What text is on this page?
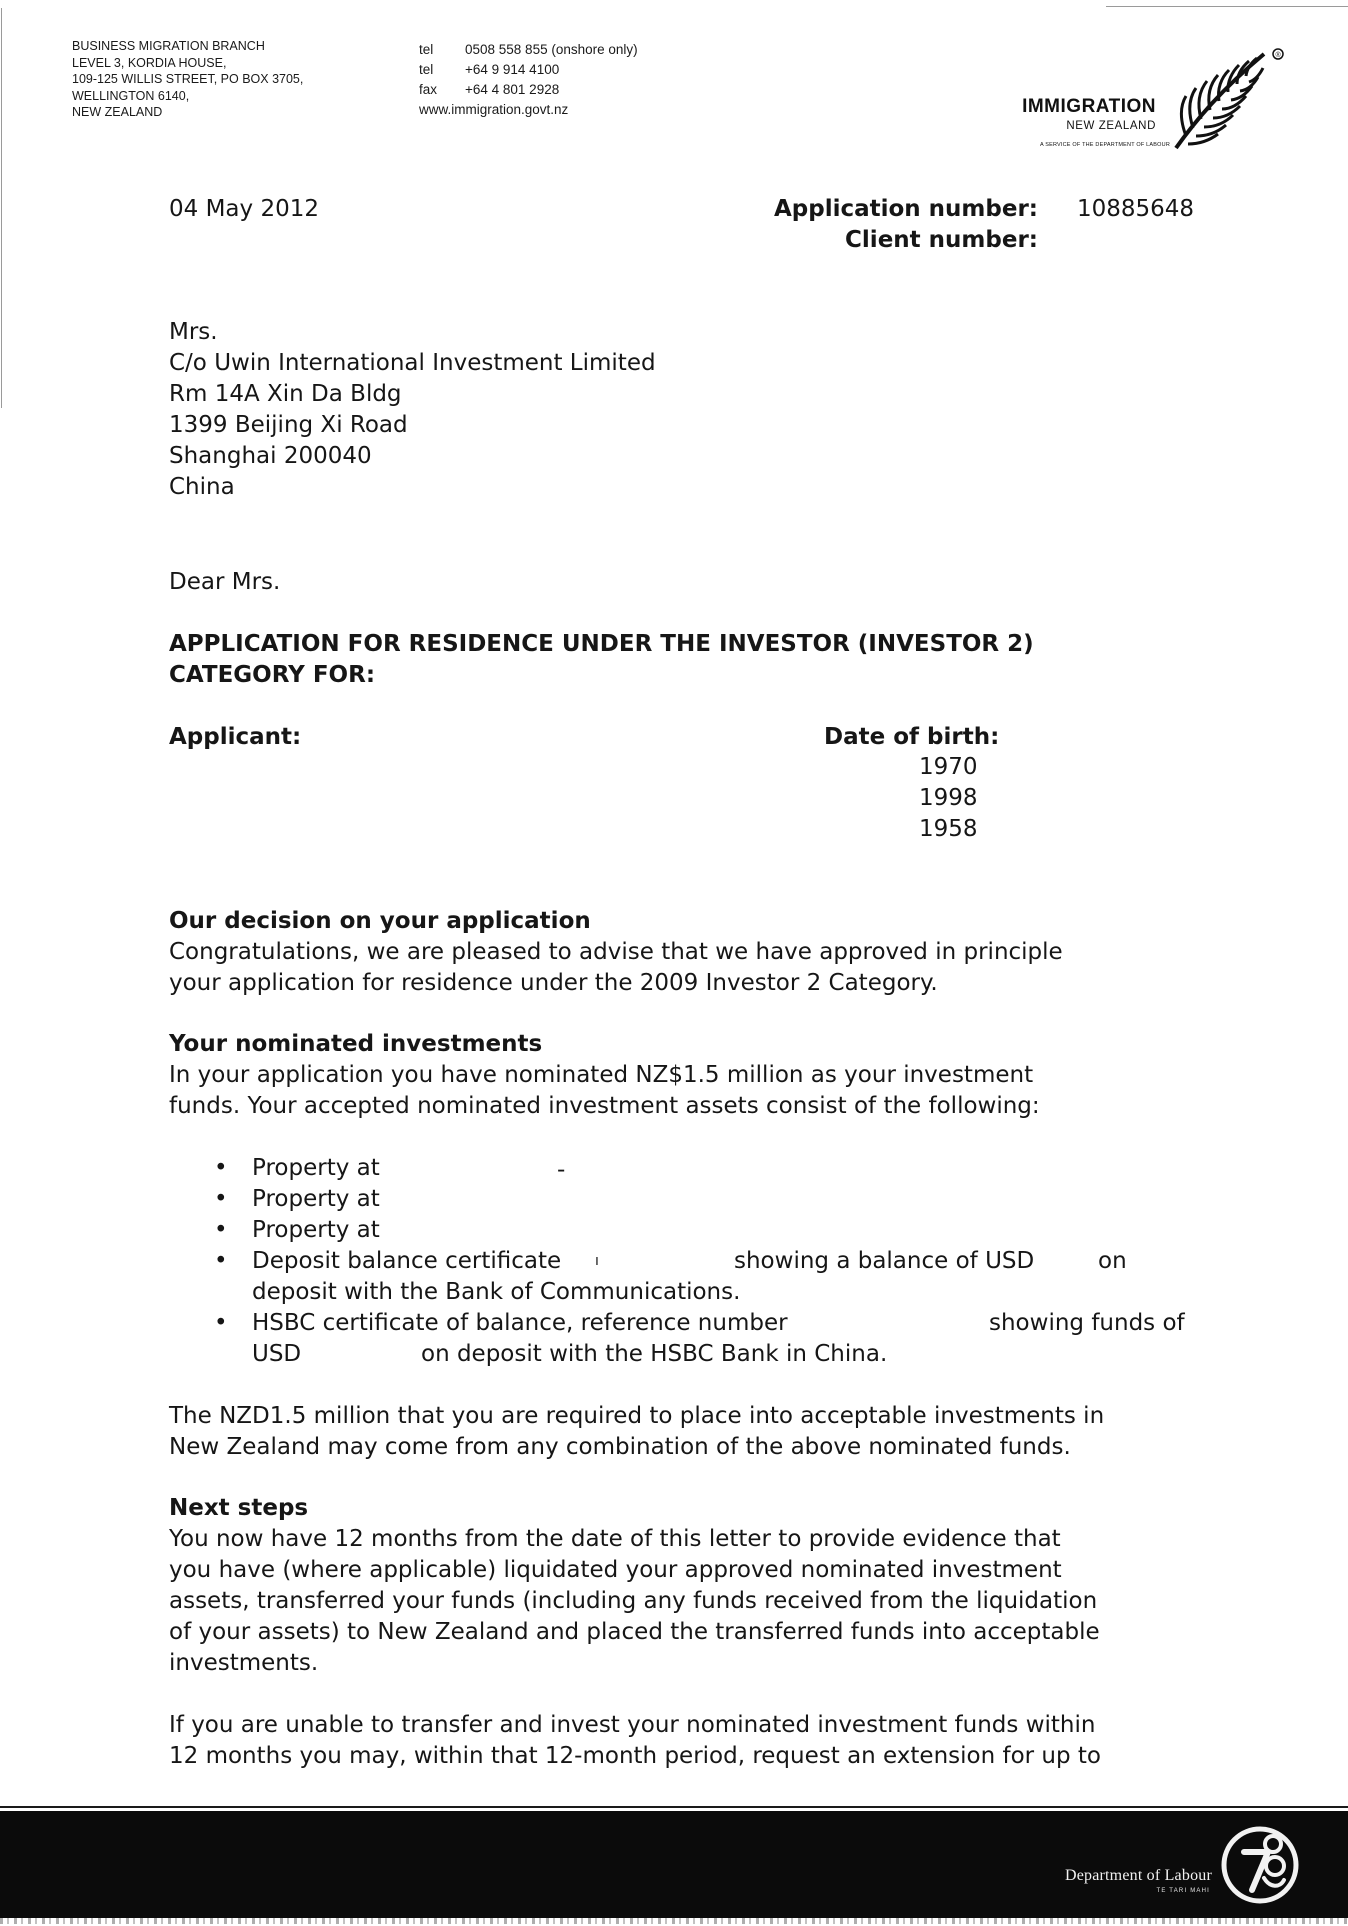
BUSINESS MIGRATION BRANCH
LEVEL 3, KORDIA HOUSE,
109-125 WILLIS STREET, PO BOX 3705,
WELLINGTON 6140,
NEW ZEALAND
tel	0508 558 855 (onshore only)
tel	+64 9 914 4100
fax	+64 4 801 2928
www.immigration.govt.nz	IMMIGRATION
NEW ZEALAND
A SERVICE OF THE DEPARTMENT OF LABOUR
®
04 May 2012	Application number: 10885648
Client number:
Mrs.
C/o Uwin International Investment Limited
Rm 14A Xin Da Bldg
1399 Beijing Xi Road
Shanghai 200040
China
Dear Mrs.
APPLICATION FOR RESIDENCE UNDER THE INVESTOR (INVESTOR 2)
CATEGORY FOR:
Applicant:	Date of birth:
1970
1998
1958
Our decision on your application
Congratulations, we are pleased to advise that we have approved in principle
your application for residence under the 2009 Investor 2 Category.
Your nominated investments
In your application you have nominated NZ$1.5 million as your investment
funds. Your accepted nominated investment assets consist of the following:
• Property at	-
• Property at
• Property at
• Deposit balance certificate ı	showing a balance of USD	on
deposit with the Bank of Communications.
• HSBC certificate of balance, reference number	showing funds of
USD	on deposit with the HSBC Bank in China.
The NZD1.5 million that you are required to place into acceptable investments in
New Zealand may come from any combination of the above nominated funds.
Next steps
You now have 12 months from the date of this letter to provide evidence that
you have (where applicable) liquidated your approved nominated investment
assets, transferred your funds (including any funds received from the liquidation
of your assets) to New Zealand and placed the transferred funds into acceptable
investments.
If you are unable to transfer and invest your nominated investment funds within
12 months you may, within that 12-month period, request an extension for up to
Department of Labour
TE TARI MAHI
